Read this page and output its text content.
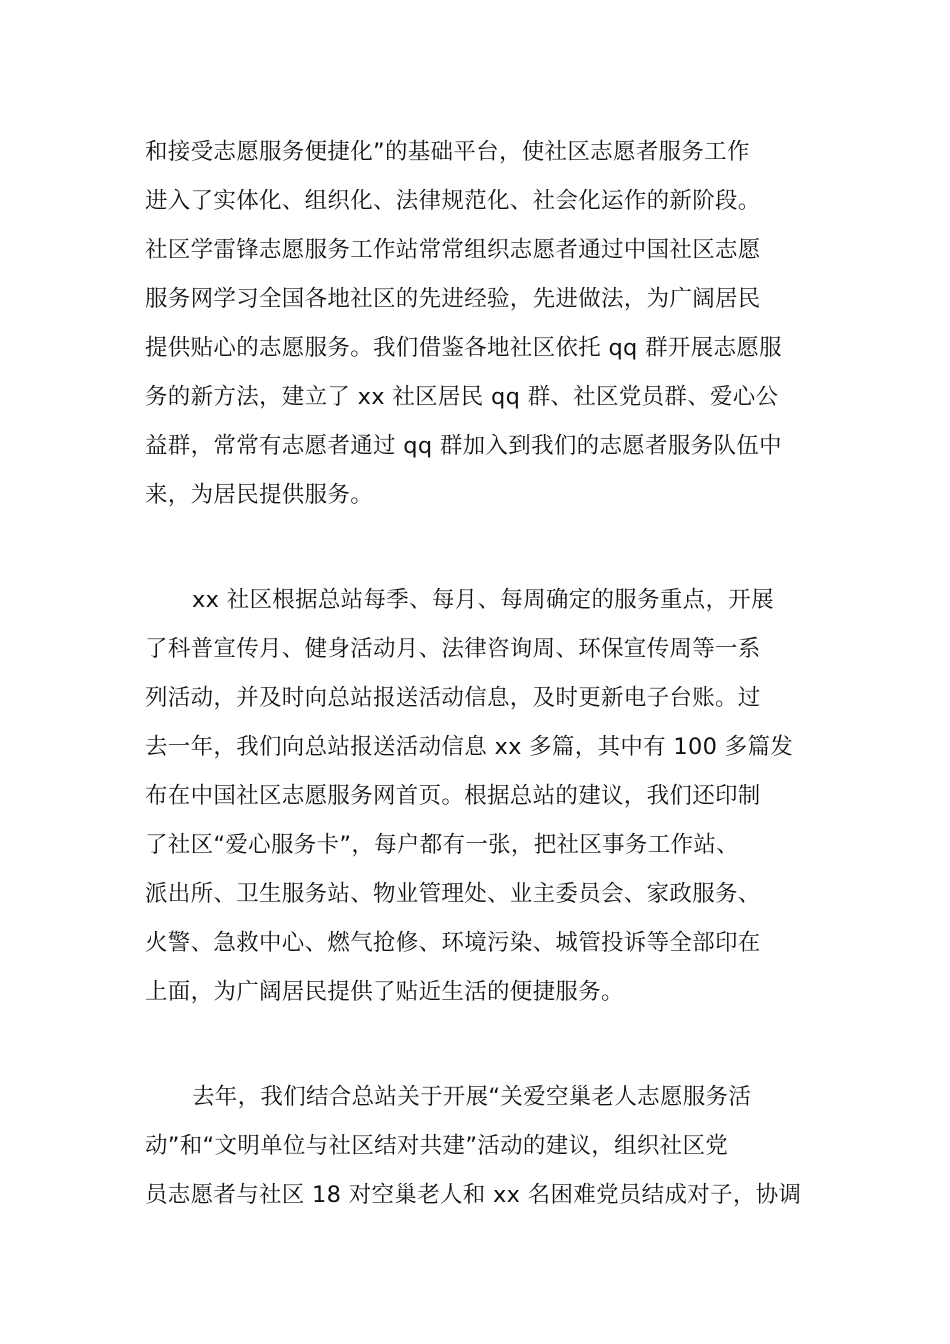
和接受志愿服务便捷化”的基础平台，使社区志愿者服务工作
进入了实体化、组织化、法律规范化、社会化运作的新阶段。
社区学雷锋志愿服务工作站常常组织志愿者通过中国社区志愿
服务网学习全国各地社区的先进经验，先进做法，为广阔居民
提供贴心的志愿服务。我们借鉴各地社区依托 qq 群开展志愿服
务的新方法，建立了 xx 社区居民 qq 群、社区党员群、爱心公
益群，常常有志愿者通过 qq 群加入到我们的志愿者服务队伍中
来，为居民提供服务。
xx 社区根据总站每季、每月、每周确定的服务重点，开展
了科普宣传月、健身活动月、法律咨询周、环保宣传周等一系
列活动，并及时向总站报送活动信息，及时更新电子台账。过
去一年，我们向总站报送活动信息 xx 多篇，其中有 100 多篇发
布在中国社区志愿服务网首页。根据总站的建议，我们还印制
了社区“爱心服务卡”，每户都有一张，把社区事务工作站、
派出所、卫生服务站、物业管理处、业主委员会、家政服务、
火警、急救中心、燃气抢修、环境污染、城管投诉等全部印在
上面，为广阔居民提供了贴近生活的便捷服务。
去年，我们结合总站关于开展“关爱空巢老人志愿服务活
动”和“文明单位与社区结对共建”活动的建议，组织社区党
员志愿者与社区 18 对空巢老人和 xx 名困难党员结成对子，协调
